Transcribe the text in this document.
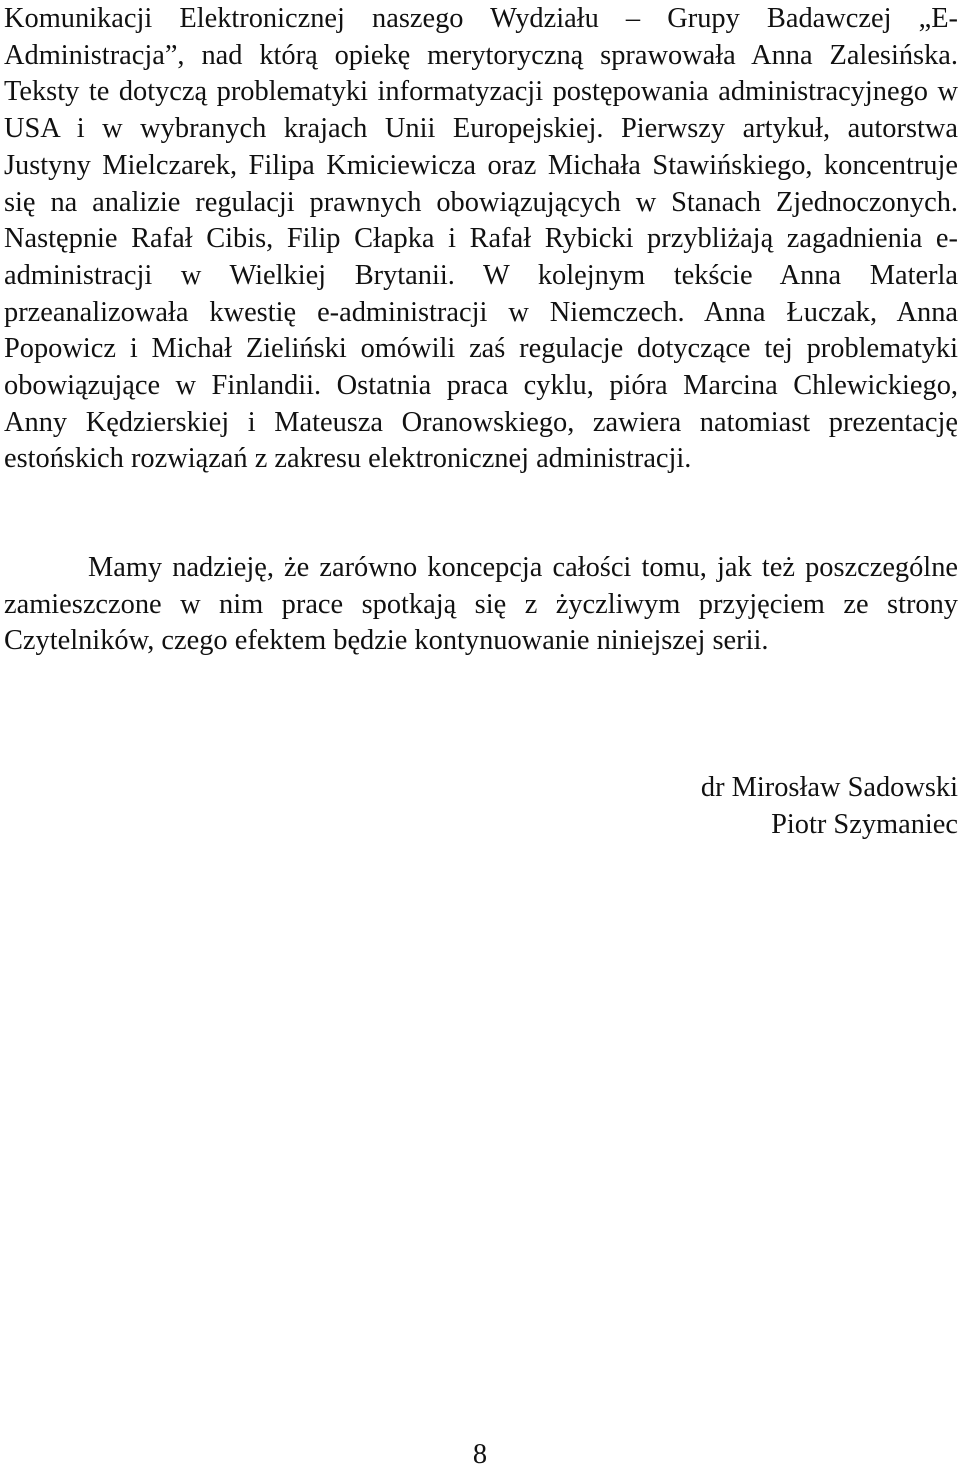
Komunikacji Elektronicznej naszego Wydziału – Grupy Badawczej „E-Administracja”, nad którą opiekę merytoryczną sprawowała Anna Zalesińska. Teksty te dotyczą problematyki informatyzacji postępowania administracyjnego w USA i w wybranych krajach Unii Europejskiej. Pierwszy artykuł, autorstwa Justyny Mielczarek, Filipa Kmiciewicza oraz Michała Stawińskiego, koncentruje się na analizie regulacji prawnych obowiązujących w Stanach Zjednoczonych. Następnie Rafał Cibis, Filip Cłapka i Rafał Rybicki przybliżają zagadnienia e-administracji w Wielkiej Brytanii. W kolejnym tekście Anna Materla przeanalizowała kwestię e-administracji w Niemczech. Anna Łuczak, Anna Popowicz i Michał Zieliński omówili zaś regulacje dotyczące tej problematyki obowiązujące w Finlandii. Ostatnia praca cyklu, pióra Marcina Chlewickiego, Anny Kędzierskiej i Mateusza Oranowskiego, zawiera natomiast prezentację estońskich rozwiązań z zakresu elektronicznej administracji.

Mamy nadzieję, że zarówno koncepcja całości tomu, jak też poszczególne zamieszczone w nim prace spotkają się z życzliwym przyjęciem ze strony Czytelników, czego efektem będzie kontynuowanie niniejszej serii.

dr Mirosław Sadowski
Piotr Szymaniec
8
